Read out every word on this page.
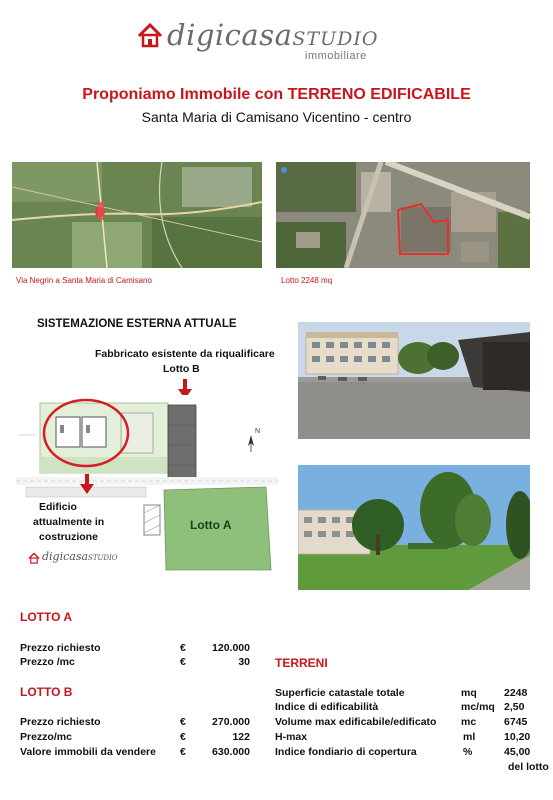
digicasaSTUDIO
immobiliare
Proponiamo Immobile con TERRENO EDIFICABILE
Santa Maria di Camisano Vicentino - centro
Via Negrin a Santa Maria di Camisano	Lotto 2248 mq
SISTEMAZIONE ESTERNA ATTUALE
Fabbricato esistente da riqualificare
Lotto B
N
Edificio
attualmente in
costruzione
Lotto A
digicasaSTUDIO
LOTTO A
Prezzo richiesto	€	120.000
Prezzo /mc	€	30
LOTTO B
Prezzo richiesto	€	270.000
Prezzo/mc	€	122
Valore immobili da vendere €	630.000
TERRENI
Superficie catastale totale	mq	2248
Indice di edificabilità	mc/mq 2,50
Volume max edificabile/edificato mc	6745
H-max	ml	10,20
Indice fondiario di copertura	%	45,00
del lotto
